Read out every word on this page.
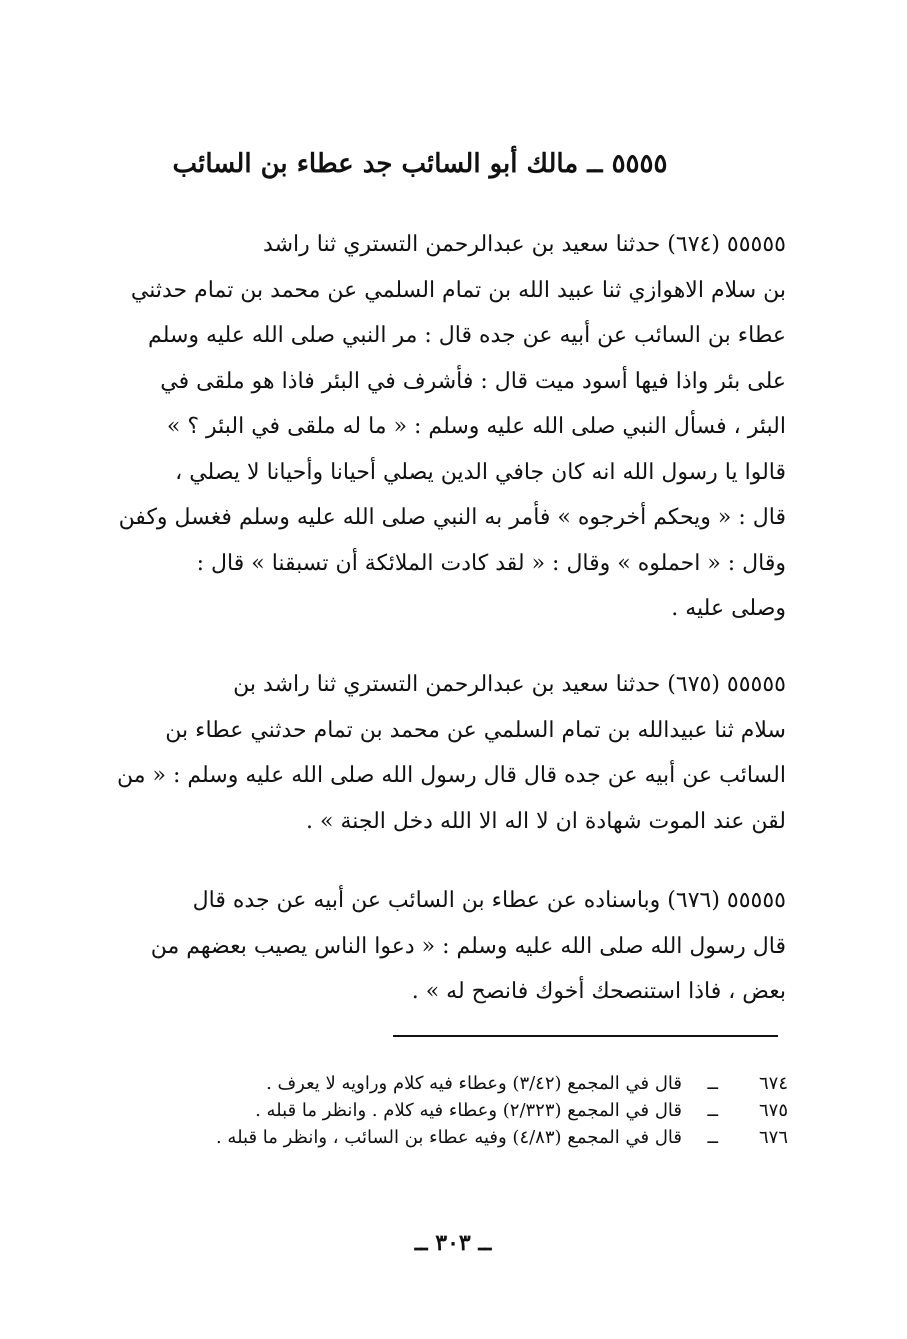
٥٥٥٥ ــ مالك أبو السائب جد عطاء بن السائب
٥٥٥٥٥ (٦٧٤) حدثنا سعيد بن عبدالرحمن التستري ثنا راشد
بن سلام الاهوازي ثنا عبيد الله بن تمام السلمي عن محمد بن تمام حدثني
عطاء بن السائب عن أبيه عن جده قال : مر النبي صلى الله عليه وسلم
على بئر واذا فيها أسود ميت قال : فأشرف في البئر فاذا هو ملقى في
البئر ، فسأل النبي صلى الله عليه وسلم : « ما له ملقى في البئر ؟ »
قالوا يا رسول الله انه كان جافي الدين يصلي أحيانا وأحيانا لا يصلي ،
قال : « ويحكم أخرجوه » فأمر به النبي صلى الله عليه وسلم فغسل وكفن
وقال : « احملوه » وقال : « لقد كادت الملائكة أن تسبقنا » قال :
وصلى عليه .
٥٥٥٥٥ (٦٧٥) حدثنا سعيد بن عبدالرحمن التستري ثنا راشد بن
سلام ثنا عبيدالله بن تمام السلمي عن محمد بن تمام حدثني عطاء بن
السائب عن أبيه عن جده قال قال رسول الله صلى الله عليه وسلم : « من
لقن عند الموت شهادة ان لا اله الا الله دخل الجنة » .
٥٥٥٥٥ (٦٧٦) وباسناده عن عطاء بن السائب عن أبيه عن جده قال
قال رسول الله صلى الله عليه وسلم : « دعوا الناس يصيب بعضهم من
بعض ، فاذا استنصحك أخوك فانصح له » .
٦٧٤ــقال في المجمع (٣/٤٢) وعطاء فيه كلام وراويه لا يعرف .
٦٧٥ــقال في المجمع (٢/٣٢٣) وعطاء فيه كلام . وانظر ما قبله .
٦٧٦ــقال في المجمع (٤/٨٣) وفيه عطاء بن السائب ، وانظر ما قبله .
ــ ٣٠٣ ــ
